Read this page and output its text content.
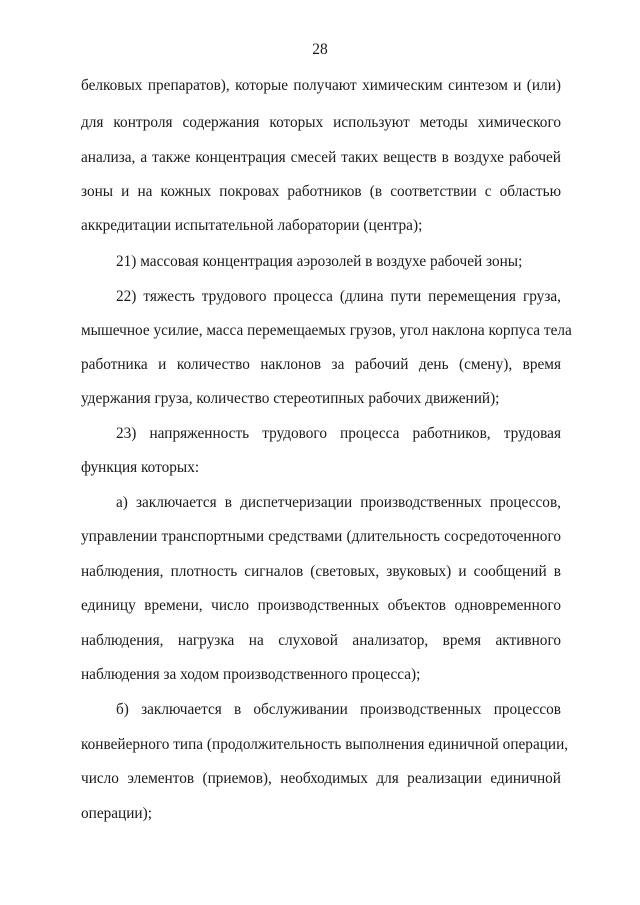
28
белковых препаратов), которые получают химическим синтезом и (или)
для контроля содержания которых используют методы химического
анализа, а также концентрация смесей таких веществ в воздухе рабочей
зоны и на кожных покровах работников (в соответствии с областью
аккредитации испытательной лаборатории (центра);
21) массовая концентрация аэрозолей в воздухе рабочей зоны;
22) тяжесть трудового процесса (длина пути перемещения груза,
мышечное усилие, масса перемещаемых грузов, угол наклона корпуса тела
работника и количество наклонов за рабочий день (смену), время
удержания груза, количество стереотипных рабочих движений);
23) напряженность трудового процесса работников, трудовая
функция которых:
а) заключается в диспетчеризации производственных процессов,
управлении транспортными средствами (длительность сосредоточенного
наблюдения, плотность сигналов (световых, звуковых) и сообщений в
единицу времени, число производственных объектов одновременного
наблюдения, нагрузка на слуховой анализатор, время активного
наблюдения за ходом производственного процесса);
б) заключается в обслуживании производственных процессов
конвейерного типа (продолжительность выполнения единичной операции,
число элементов (приемов), необходимых для реализации единичной
операции);
